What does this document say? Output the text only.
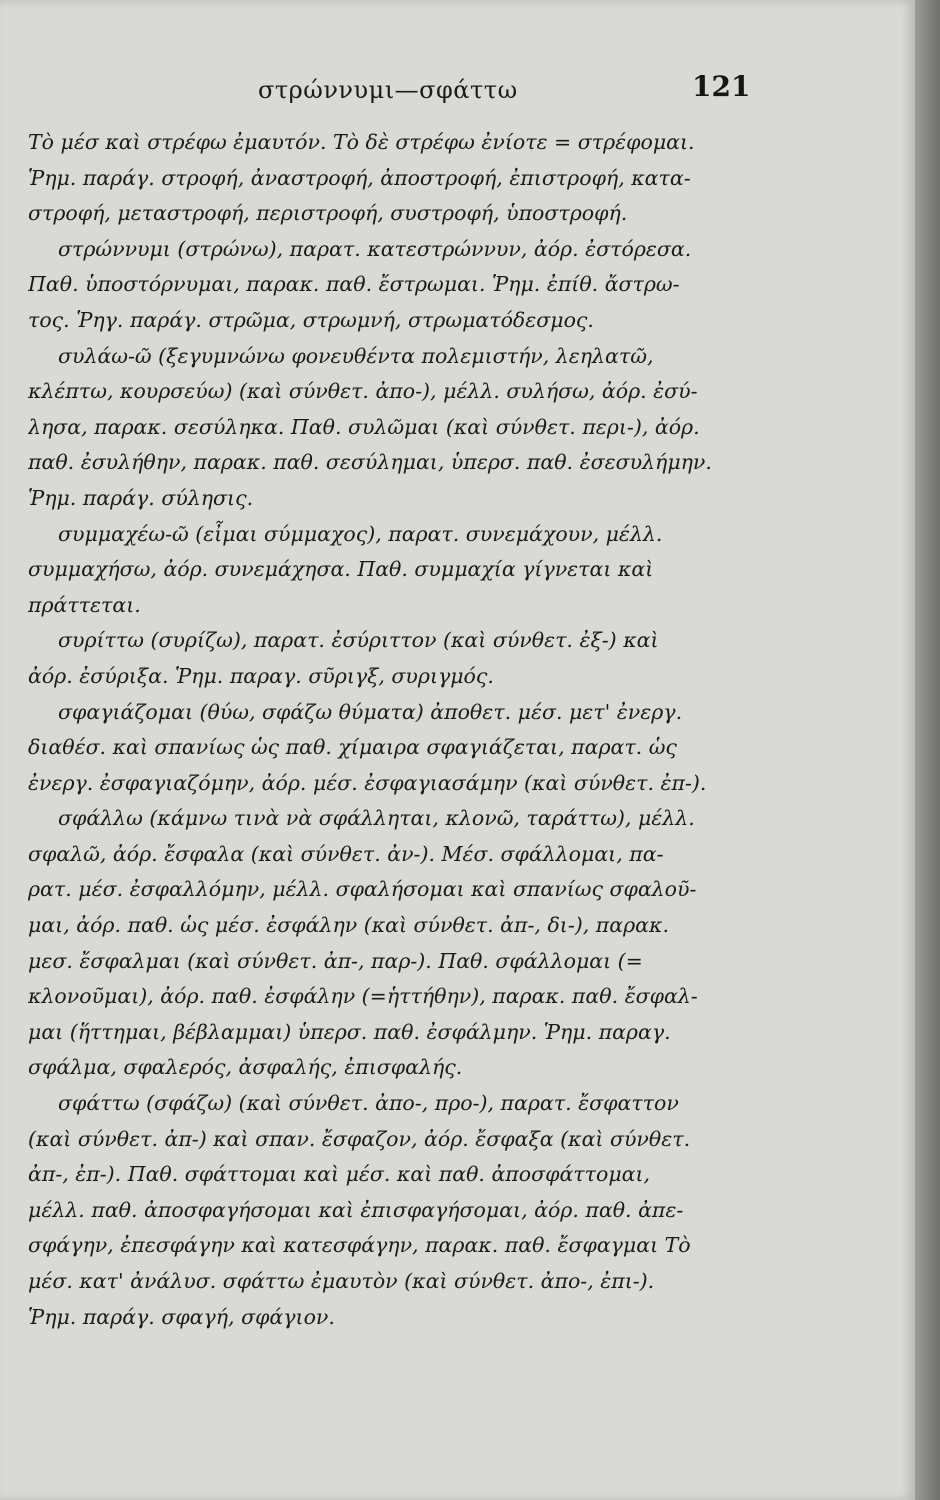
στρώννυμι—σφάττω	121
Τὸ μέσ καὶ στρέφω ἐμαυτόν. Τὸ δὲ στρέφω ἐνίοτε = στρέφομαι.
Ῥημ. παράγ. στροφή, ἀναστροφή, ἀποστροφή, ἐπιστροφή, κατα-
στροφή, μεταστροφή, περιστροφή, συστροφή, ὑποστροφή.
στρώννυμι (στρώνω), παρατ. κατεστρώννυν, ἀόρ. ἐστόρεσα.
Παθ. ὑποστόρνυμαι, παρακ. παθ. ἔστρωμαι. Ῥημ. ἐπίθ. ἄστρω-
τος. Ῥηγ. παράγ. στρῶμα, στρωμνή, στρωματόδεσμος.
συλάω-ῶ (ξεγυμνώνω φονευθέντα πολεμιστήν, λεηλατῶ,
κλέπτω, κουρσεύω) (καὶ σύνθετ. ἀπο-), μέλλ. συλήσω, ἀόρ. ἐσύ-
λησα, παρακ. σεσύληκα. Παθ. συλῶμαι (καὶ σύνθετ. περι-), ἀόρ.
παθ. ἐσυλήθην, παρακ. παθ. σεσύλημαι, ὑπερσ. παθ. ἐσεσυλήμην.
Ῥημ. παράγ. σύλησις.
συμμαχέω-ῶ (εἶμαι σύμμαχος), παρατ. συνεμάχουν, μέλλ.
συμμαχήσω, ἀόρ. συνεμάχησα. Παθ. συμμαχία γίγνεται καὶ
πράττεται.
συρίττω (συρίζω), παρατ. ἐσύριττον (καὶ σύνθετ. ἐξ-) καὶ
ἀόρ. ἐσύριξα. Ῥημ. παραγ. σῦριγξ, συριγμός.
σφαγιάζομαι (θύω, σφάζω θύματα) ἀποθετ. μέσ. μετ' ἐνεργ.
διαθέσ. καὶ σπανίως ὡς παθ. χίμαιρα σφαγιάζεται, παρατ. ὡς
ἐνεργ. ἐσφαγιαζόμην, ἀόρ. μέσ. ἐσφαγιασάμην (καὶ σύνθετ. ἐπ-).
σφάλλω (κάμνω τινὰ νὰ σφάλληται, κλονῶ, ταράττω), μέλλ.
σφαλῶ, ἀόρ. ἔσφαλα (καὶ σύνθετ. ἀν-). Μέσ. σφάλλομαι, πα-
ρατ. μέσ. ἐσφαλλόμην, μέλλ. σφαλήσομαι καὶ σπανίως σφαλοῦ-
μαι, ἀόρ. παθ. ὡς μέσ. ἐσφάλην (καὶ σύνθετ. ἀπ-, δι-), παρακ.
μεσ. ἔσφαλμαι (καὶ σύνθετ. ἀπ-, παρ-). Παθ. σφάλλομαι (=
κλονοῦμαι), ἀόρ. παθ. ἐσφάλην (=ἡττήθην), παρακ. παθ. ἔσφαλ-
μαι (ἥττημαι, βέβλαμμαι) ὑπερσ. παθ. ἐσφάλμην. Ῥημ. παραγ.
σφάλμα, σφαλερός, ἀσφαλής, ἐπισφαλής.
σφάττω (σφάζω) (καὶ σύνθετ. ἀπο-, προ-), παρατ. ἔσφαττον
(καὶ σύνθετ. ἀπ-) καὶ σπαν. ἔσφαζον, ἀόρ. ἔσφαξα (καὶ σύνθετ.
ἀπ-, ἐπ-). Παθ. σφάττομαι καὶ μέσ. καὶ παθ. ἀποσφάττομαι,
μέλλ. παθ. ἀποσφαγήσομαι καὶ ἐπισφαγήσομαι, ἀόρ. παθ. ἀπε-
σφάγην, ἐπεσφάγην καὶ κατεσφάγην, παρακ. παθ. ἔσφαγμαι Τὸ
μέσ. κατ' ἀνάλυσ. σφάττω ἐμαυτὸν (καὶ σύνθετ. ἀπο-, ἐπι-).
Ῥημ. παράγ. σφαγή, σφάγιον.
